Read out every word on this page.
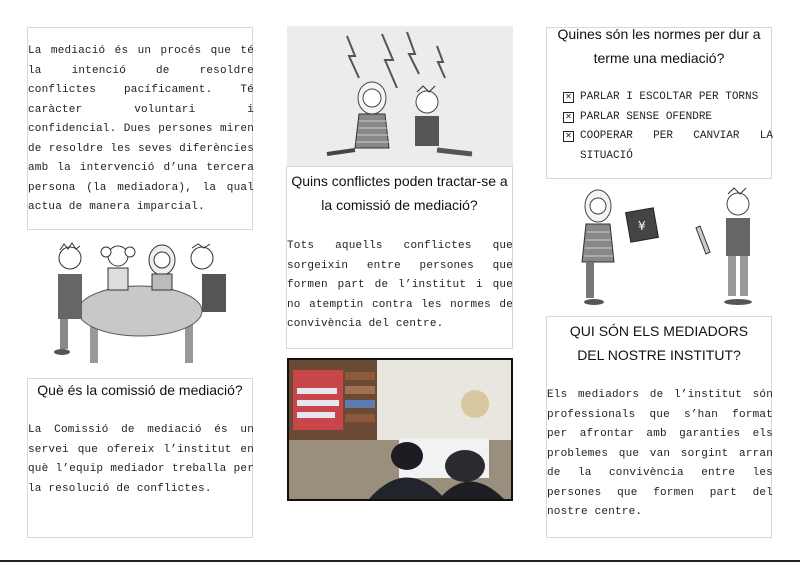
La mediació és un procés que té la intenció de resoldre conflictes pacíficament. Té caràcter voluntari i confidencial. Dues persones miren de resoldre les seves diferències amb la intervenció d’una tercera persona (la mediadora), la qual actua de manera imparcial.
Què és la comissió de mediació?
La Comissió de mediació és un servei que ofereix l’institut en què l’equip mediador treballa per la resolució de conflictes.
Quins conflictes poden tractar-se a la comissió de mediació?
Tots aquells conflictes que sorgeixin entre persones que formen part de l’institut i que no atemptin contra les normes de convivència del centre.
Quines són les normes per dur a terme una mediació?
✕ PARLAR I ESCOLTAR PER TORNS
✕ PARLAR SENSE OFENDRE
✕ COOPERAR PER CANVIAR LA SITUACIÓ
¥
QUI SÓN ELS MEDIADORS DEL NOSTRE INSTITUT?
Els mediadors de l’institut són professionals que s’han format per afrontar amb garanties els problemes que van sorgint arran de la convivència entre les persones que formen part del nostre centre.
